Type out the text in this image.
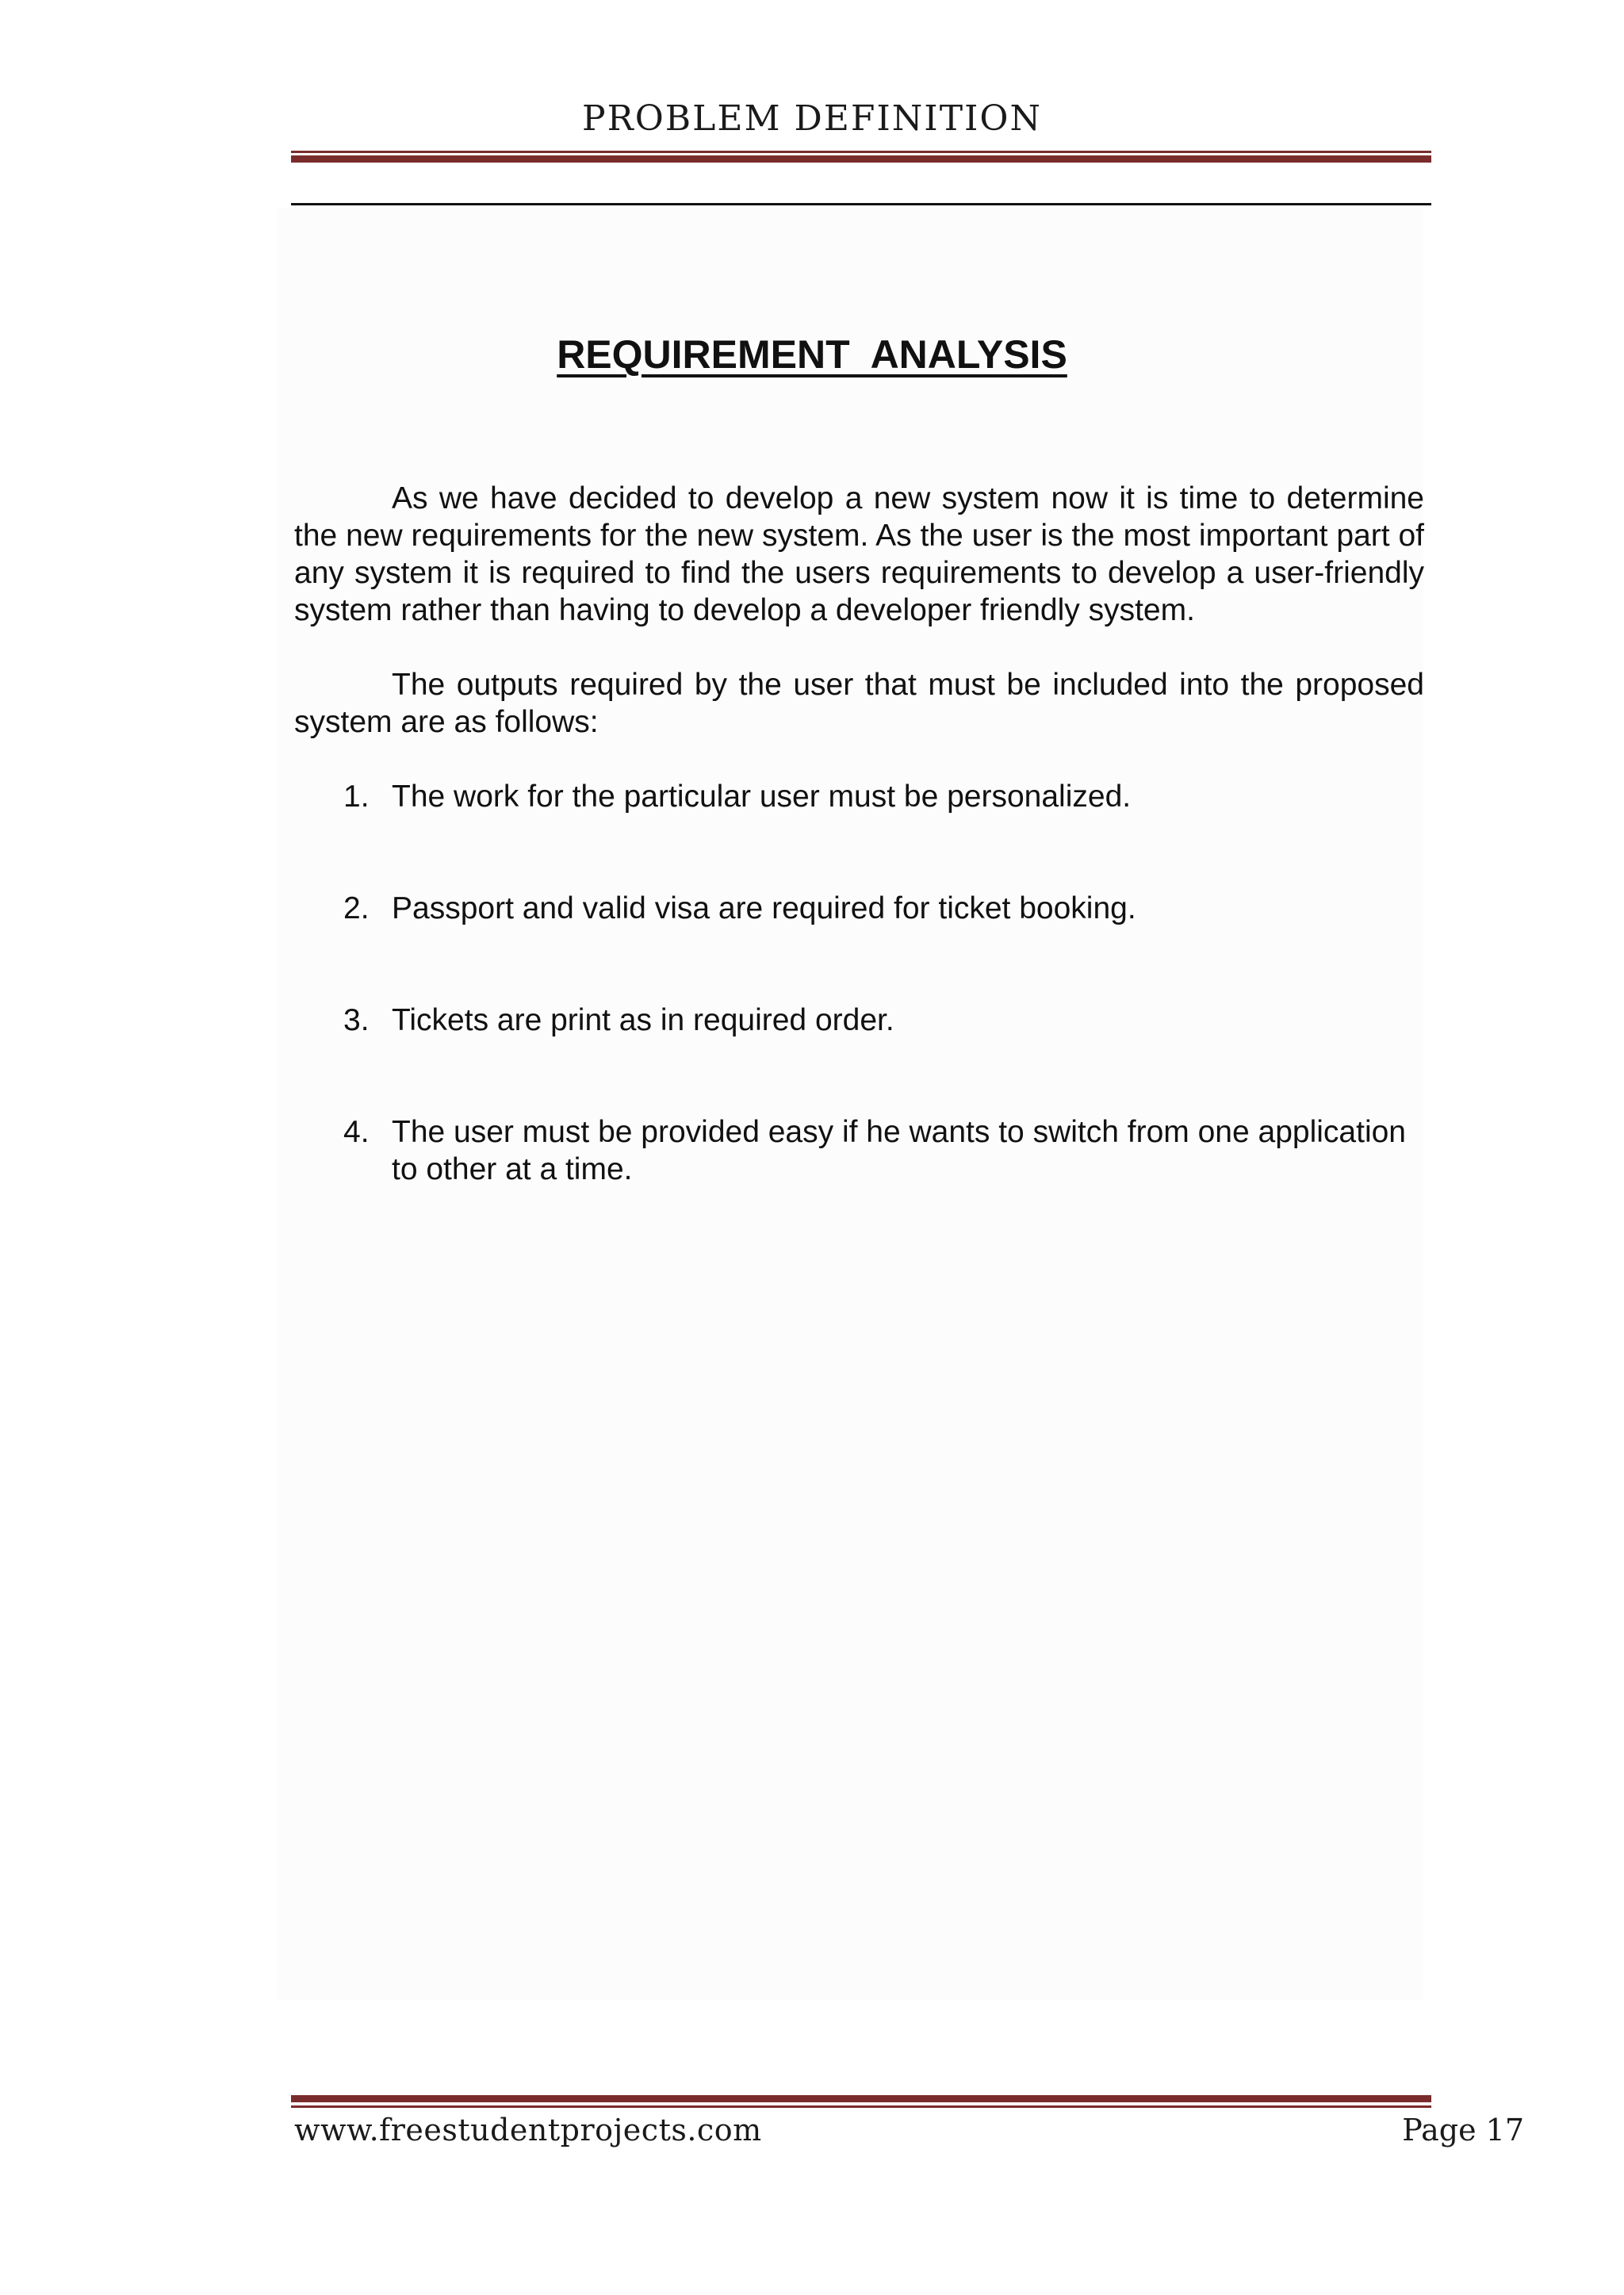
PROBLEM DEFINITION
REQUIREMENT  ANALYSIS

As we have decided to develop a new system now it is time to determine the new requirements for the new system. As the user is the most important part of any system it is required to find the users requirements to develop a user-friendly system rather than having to develop a developer friendly system.

The outputs required by the user that must be included into the proposed system are as follows:

1. The work for the particular user must be personalized.
2. Passport and valid visa are required for ticket booking.
3. Tickets are print as in required order.
4. The user must be provided easy if he wants to switch from one application
to other at a time.
www.freestudentprojects.com	Page 17
